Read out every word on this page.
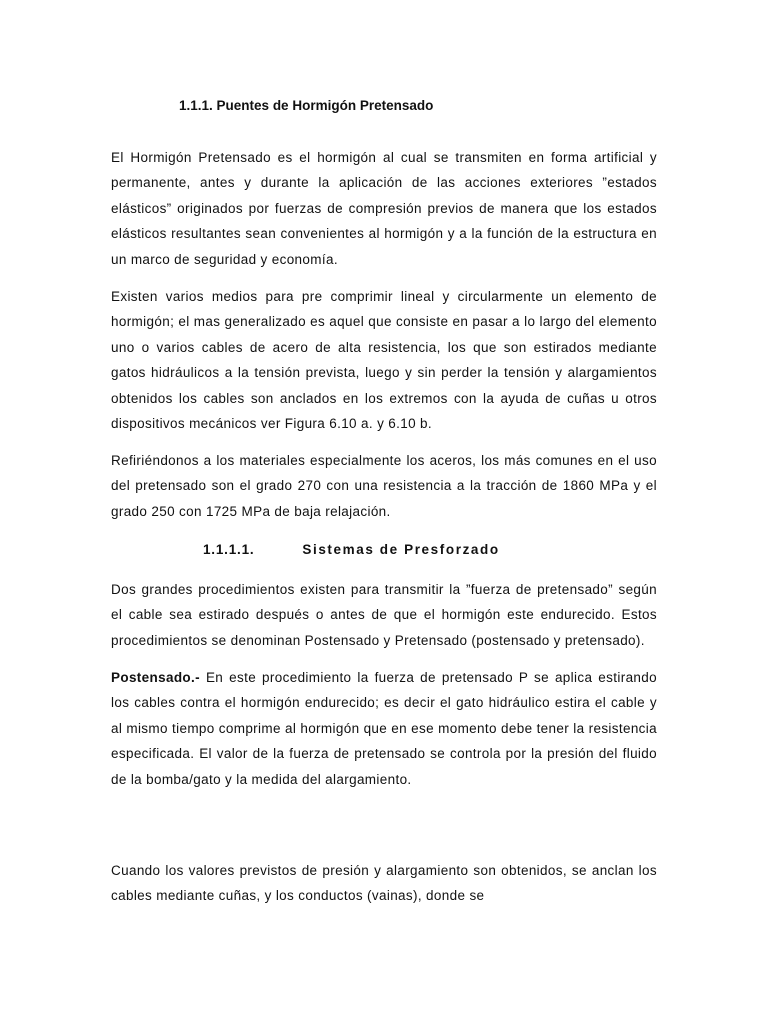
1.1.1. Puentes de Hormigón Pretensado

El Hormigón Pretensado es el hormigón al cual se transmiten en forma artificial y permanente, antes y durante la aplicación de las acciones exteriores ”estados elásticos” originados por fuerzas de compresión previos de manera que los estados elásticos resultantes sean convenientes al hormigón y a la función de la estructura en un marco de seguridad y economía.

Existen varios medios para pre comprimir lineal y circularmente un elemento de hormigón; el mas generalizado es aquel que consiste en pasar a lo largo del elemento uno o varios cables de acero de alta resistencia, los que son estirados mediante gatos hidráulicos a la tensión prevista, luego y sin perder la tensión y alargamientos obtenidos los cables son anclados en los extremos con la ayuda de cuñas u otros dispositivos mecánicos ver Figura 6.10 a. y 6.10 b.

Refiriéndonos a los materiales especialmente los aceros, los más comunes en el uso del pretensado son el grado 270 con una resistencia a la tracción de 1860 MPa y el grado 250 con 1725 MPa de baja relajación.

1.1.1.1.	Sistemas de Presforzado

Dos grandes procedimientos existen para transmitir la ”fuerza de pretensado” según el cable sea estirado después o antes de que el hormigón este endurecido. Estos procedimientos se denominan Postensado y Pretensado (postensado y pretensado).

Postensado.- En este procedimiento la fuerza de pretensado P se aplica estirando los cables contra el hormigón endurecido; es decir el gato hidráulico estira el cable y al mismo tiempo comprime al hormigón que en ese momento debe tener la resistencia especificada. El valor de la fuerza de pretensado se controla por la presión del fluido de la bomba/gato y la medida del alargamiento.

Cuando los valores previstos de presión y alargamiento son obtenidos, se anclan los cables mediante cuñas, y los conductos (vainas), donde se
